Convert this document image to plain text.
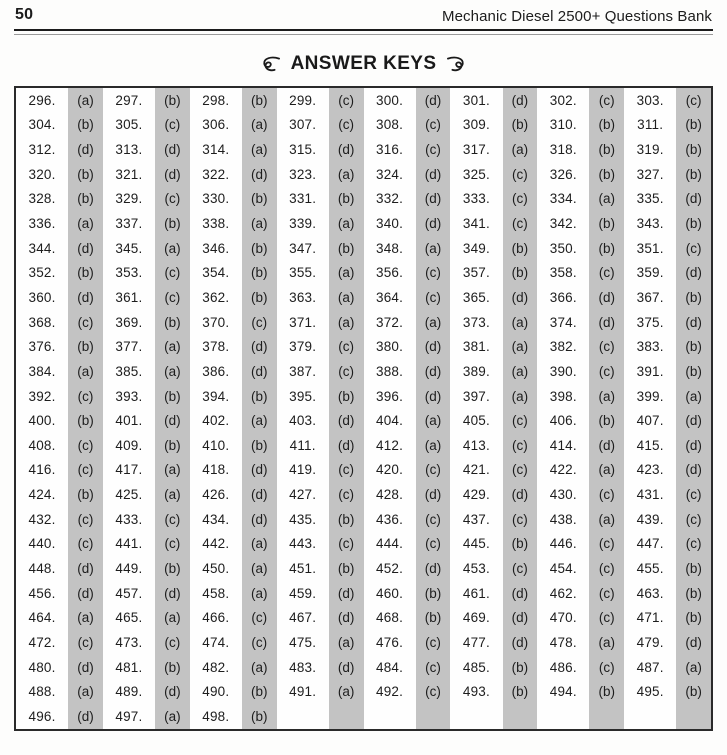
50	Mechanic Diesel 2500+ Questions Bank
ANSWER KEYS
296.	(a)	297.	(b)	298.	(b)	299.	(c)	300.	(d)	301.	(d)	302.	(c)	303.	(c)
304.	(b)	305.	(c)	306.	(a)	307.	(c)	308.	(c)	309.	(b)	310.	(b)	311.	(b)
312.	(d)	313.	(d)	314.	(a)	315.	(d)	316.	(c)	317.	(a)	318.	(b)	319.	(b)
320.	(b)	321.	(d)	322.	(d)	323.	(a)	324.	(d)	325.	(c)	326.	(b)	327.	(b)
328.	(b)	329.	(c)	330.	(b)	331.	(b)	332.	(d)	333.	(c)	334.	(a)	335.	(d)
336.	(a)	337.	(b)	338.	(a)	339.	(a)	340.	(d)	341.	(c)	342.	(b)	343.	(b)
344.	(d)	345.	(a)	346.	(b)	347.	(b)	348.	(a)	349.	(b)	350.	(b)	351.	(c)
352.	(b)	353.	(c)	354.	(b)	355.	(a)	356.	(c)	357.	(b)	358.	(c)	359.	(d)
360.	(d)	361.	(c)	362.	(b)	363.	(a)	364.	(c)	365.	(d)	366.	(d)	367.	(b)
368.	(c)	369.	(b)	370.	(c)	371.	(a)	372.	(a)	373.	(a)	374.	(d)	375.	(d)
376.	(b)	377.	(a)	378.	(d)	379.	(c)	380.	(d)	381.	(a)	382.	(c)	383.	(b)
384.	(a)	385.	(a)	386.	(d)	387.	(c)	388.	(d)	389.	(a)	390.	(c)	391.	(b)
392.	(c)	393.	(b)	394.	(b)	395.	(b)	396.	(d)	397.	(a)	398.	(a)	399.	(a)
400.	(b)	401.	(d)	402.	(a)	403.	(d)	404.	(a)	405.	(c)	406.	(b)	407.	(d)
408.	(c)	409.	(b)	410.	(b)	411.	(d)	412.	(a)	413.	(c)	414.	(d)	415.	(d)
416.	(c)	417.	(a)	418.	(d)	419.	(c)	420.	(c)	421.	(c)	422.	(a)	423.	(d)
424.	(b)	425.	(a)	426.	(d)	427.	(c)	428.	(d)	429.	(d)	430.	(c)	431.	(c)
432.	(c)	433.	(c)	434.	(d)	435.	(b)	436.	(c)	437.	(c)	438.	(a)	439.	(c)
440.	(c)	441.	(c)	442.	(a)	443.	(c)	444.	(c)	445.	(b)	446.	(c)	447.	(c)
448.	(d)	449.	(b)	450.	(a)	451.	(b)	452.	(d)	453.	(c)	454.	(c)	455.	(b)
456.	(d)	457.	(d)	458.	(a)	459.	(d)	460.	(b)	461.	(d)	462.	(c)	463.	(b)
464.	(a)	465.	(a)	466.	(c)	467.	(d)	468.	(b)	469.	(d)	470.	(c)	471.	(b)
472.	(c)	473.	(c)	474.	(c)	475.	(a)	476.	(c)	477.	(d)	478.	(a)	479.	(d)
480.	(d)	481.	(b)	482.	(a)	483.	(d)	484.	(c)	485.	(b)	486.	(c)	487.	(a)
488.	(a)	489.	(d)	490.	(b)	491.	(a)	492.	(c)	493.	(b)	494.	(b)	495.	(b)
496.	(d)	497.	(a)	498.	(b)
